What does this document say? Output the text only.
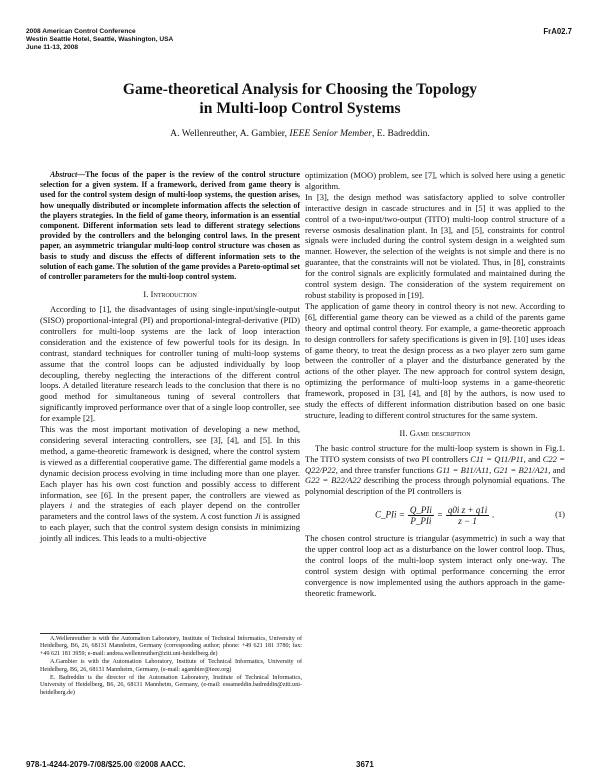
2008 American Control Conference
Westin Seattle Hotel, Seattle, Washington, USA
June 11-13, 2008
FrA02.7
Game-theoretical Analysis for Choosing the Topology
in Multi-loop Control Systems
A. Wellenreuther, A. Gambier, IEEE Senior Member, E. Badreddin.

Abstract—The focus of the paper is the review of the control structure selection for a given system. If a framework, derived from game theory is used for the control system design of multi-loop systems, the question arises, how unequally distributed or incomplete information affects the selection of the players strategies. In the field of game theory, information is an essential component. Different information sets lead to different strategy selections provided by the controllers and the belonging control laws. In the present paper, an asymmetric triangular multi-loop control structure was chosen as basis to study and discuss the effects of different information sets to the solution of each game. The solution of the game provides a Pareto-optimal set of controller parameters for the multi-loop control system.

I. Introduction

According to [1], the disadvantages of using single-input/single-output (SISO) proportional-integral (PI) and proportional-integral-derivative (PID) controllers for multi-loop systems are the lack of loop interaction consideration and the existence of few powerful tools for its design. In contrast, standard techniques for controller tuning of multi-loop systems assume that the control loops can be adjusted individually by loop decoupling, thereby neglecting the interactions of the different control loops. A detailed literature research leads to the conclusion that there is no good method for simultaneous tuning of several controllers that significantly improved performance over that of a single loop controller, see for example [2].

This was the most important motivation of developing a new method, considering several interacting controllers, see [3], [4], and [5]. In this method, a game-theoretic framework is designed, where the control system is viewed as a differential cooperative game. The differential game models a dynamic decision process evolving in time including more than one player. Each player has his own cost function and possibly access to different information, see [6]. In the present paper, the controllers are viewed as players i and the strategies of each player depend on the controller parameters and the control laws of the system. A cost function Ji is assigned to each player, such that the control system design consists in minimizing jointly all indices. This leads to a multi-objective

A.Wellenreuther is with the Automation Laboratory, Institute of Technical Informatics, University of Heidelberg, B6, 26, 68131 Mannheim, Germany (corresponding author; phone: +49 621 181 3780; fax: +49 621 181 3959; e-mail: andrea.wellenreuther@ziti.uni-heidelberg.de)

A.Gambier is with the Automation Laboratory, Institute of Technical Informatics, University of Heidelberg, B6, 26, 68131 Mannheim, Germany, (e-mail: agambier@ieee.org)

E. Badreddin is the director of the Automation Laboratory, Institute of Technical Informatics, University of Heidelberg, B6, 26, 68131 Mannheim, Germany, (e-mail: essameddin.badreddin@ziti.uni-heidelberg.de)

optimization (MOO) problem, see [7], which is solved here using a genetic algorithm.

In [3], the design method was satisfactory applied to solve controller interactive design in cascade structures and in [5] it was applied to the control of a two-input/two-output (TITO) multi-loop control structure of a reverse osmosis desalination plant. In [3], and [5], constraints for control signals were included during the control system design in a weighted sum manner. However, the selection of the weights is not simple and there is no guarantee, that the constraints will not be violated. Thus, in [8], constraints for the control signals are explicitly formulated and maintained during the control system design. The consideration of the system requirement on robust stability is proposed in [19].

The application of game theory in control theory is not new. According to [6], differential game theory can be viewed as a child of the parents game theory and optimal control theory. For example, a game-theoretic approach to design controllers for safety specifications is given in [9]. [10] uses ideas of game theory, to treat the design process as a two player zero sum game between the controller of a player and the disturbance generated by the actions of the other player. The new approach for control system design, optimizing the performance of multi-loop systems in a game-theoretic framework, proposed in [3], [4], and [8] by the authors, is now used to study the effects of different information distribution based on one basic structure, leading to different control structures for the same system.

II. Game description

The basic control structure for the multi-loop system is shown in Fig.1. The TITO system consists of two PI controllers C11 = Q11/P11, and C22 = Q22/P22, and three transfer functions G11 = B11/A11, G21 = B21/A21, and G22 = B22/A22 describing the process through polynomial equations. The polynomial description of the PI controllers is

C_PIi = $\frac{\text{Q\_PIi}}{\text{P\_PIi}} = \frac{\text{q0i z + q1i}}{z - 1}$ .	(1)

The chosen control structure is triangular (asymmetric) in such a way that the upper control loop act as a disturbance on the lower control loop. Thus, the control loops of the multi-loop system interact only one-way. The control system design with optimal performance concerning the error convergence is now implemented using the authors approach in the game-theoretic framework.

978-1-4244-2079-7/08/$25.00 ©2008 AACC.	3671
